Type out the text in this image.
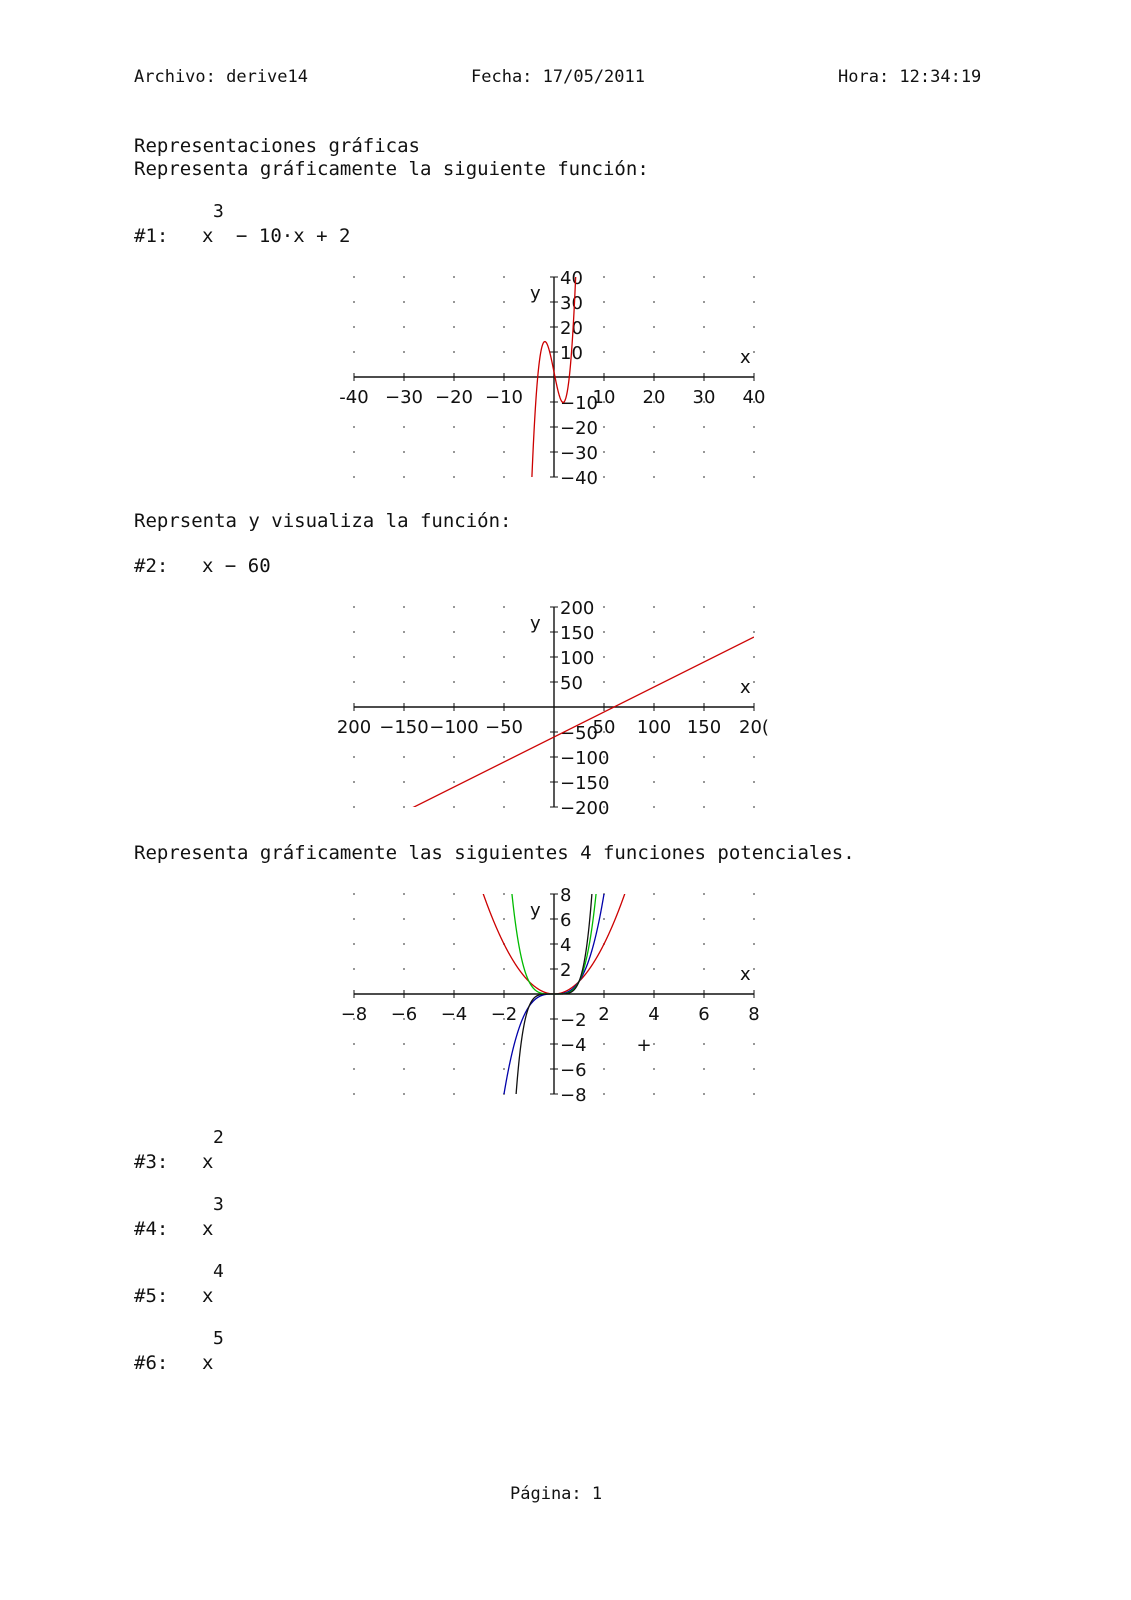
Archivo: derive14	Fecha: 17/05/2011	Hora: 12:34:19
Representaciones gráficas
Representa gráficamente la siguiente función:
3
#1: x − 10·x + 2
-40 −30 −20 −10	10 20 30 40
40
30
20
10
−10
−20
−30
−40
y
x
Reprsenta y visualiza la función:
#2: x − 60
200 −150 −100 −50	50 100 150 20(
200
150
100
50
−50
−100
−150
−200
y
x
Representa gráficamente las siguientes 4 funciones potenciales.
−8 −6 −4 −2	2 4 6 8
8
6
4
2
−2
−4
−6
−8
y
x
+
2
#3: x
3
#4: x
4
#5: x
5
#6: x
Página: 1
